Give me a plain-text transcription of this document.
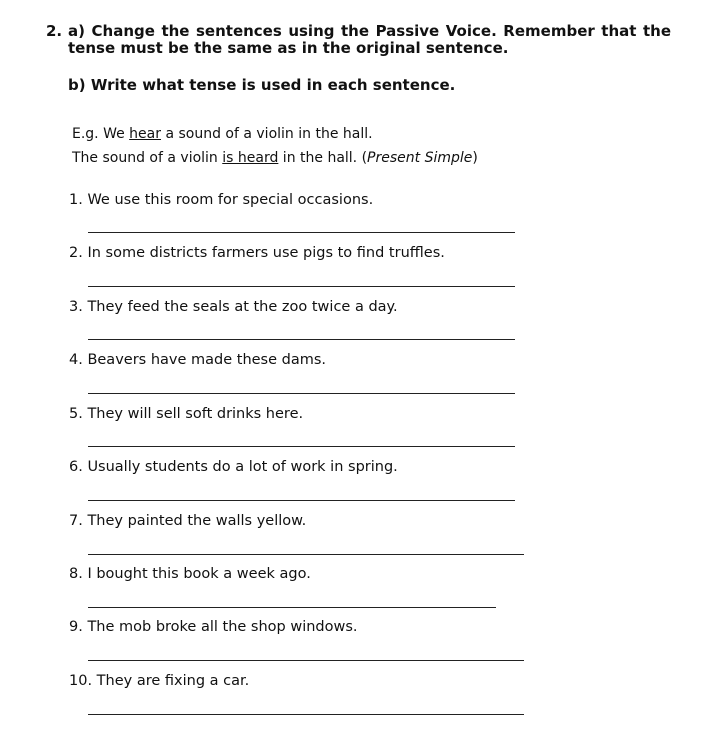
2. a) Change the sentences using the Passive Voice. Remember that the tense must be the same as in the original sentence.
b) Write what tense is used in each sentence.
E.g. We hear a sound of a violin in the hall.
The sound of a violin is heard in the hall. (Present Simple)
1. We use this room for special occasions.
2. In some districts farmers use pigs to find truffles.
3. They feed the seals at the zoo twice a day.
4. Beavers have made these dams.
5. They will sell soft drinks here.
6. Usually students do a lot of work in spring.
7. They painted the walls yellow.
8. I bought this book a week ago.
9. The mob broke all the shop windows.
10. They are fixing a car.
